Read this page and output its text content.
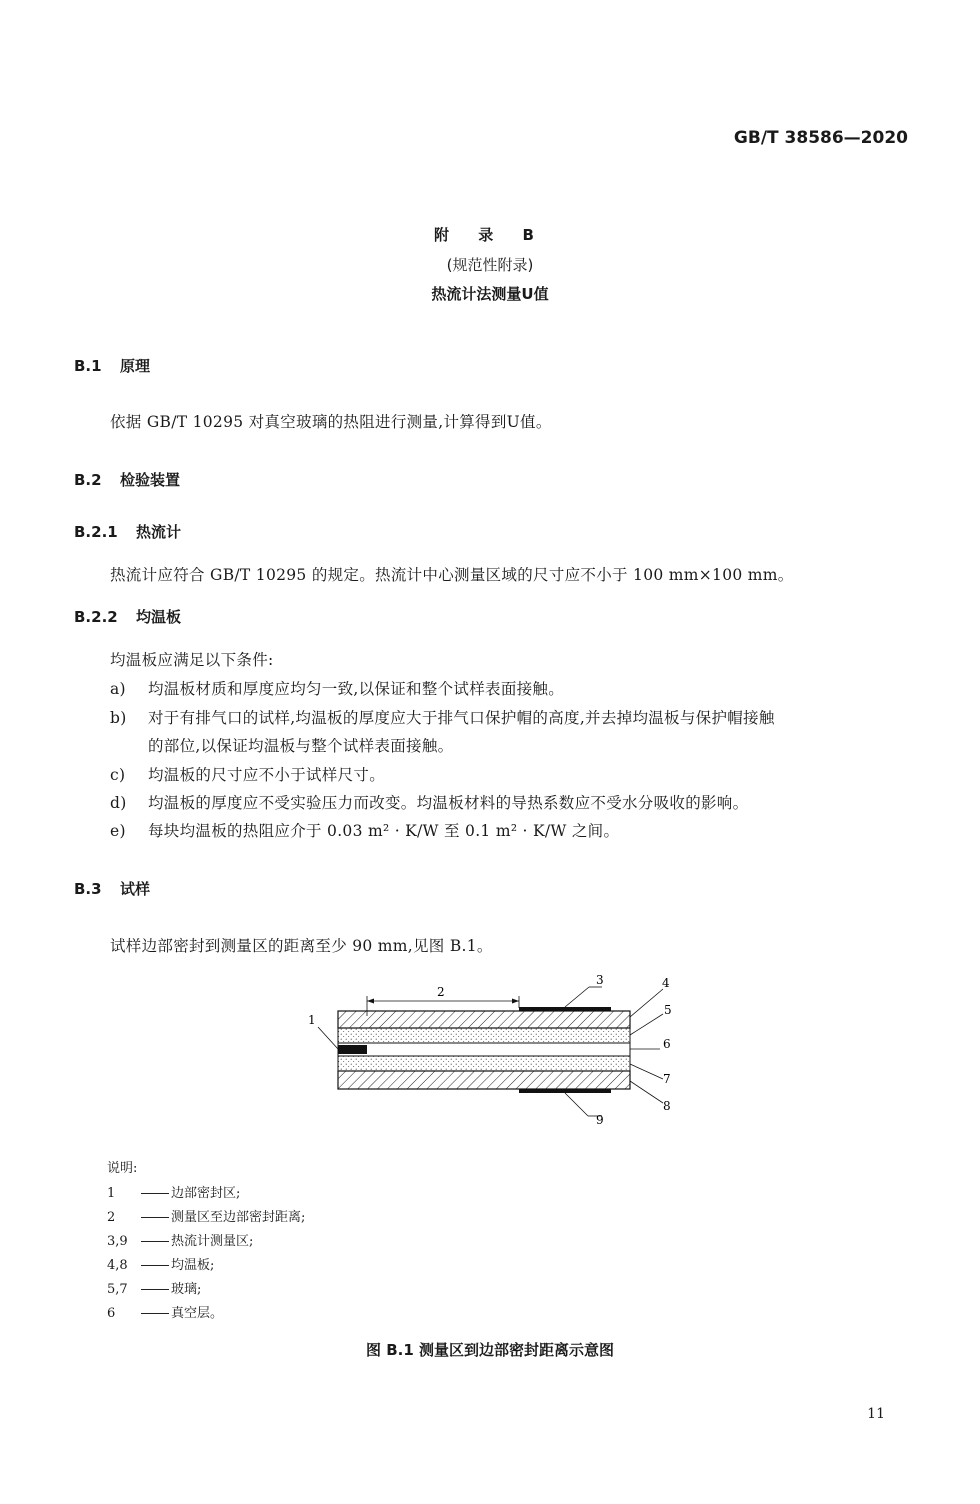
GB/T 38586—2020
附 录 B
(规范性附录)
热流计法测量U值
B.1 原理
依据 GB/T 10295 对真空玻璃的热阻进行测量,计算得到U值。
B.2 检验装置
B.2.1 热流计
热流计应符合 GB/T 10295 的规定。热流计中心测量区域的尺寸应不小于 100 mm×100 mm。
B.2.2 均温板
均温板应满足以下条件:
a) 均温板材质和厚度应均匀一致,以保证和整个试样表面接触。
b) 对于有排气口的试样,均温板的厚度应大于排气口保护帽的高度,并去掉均温板与保护帽接触
的部位,以保证均温板与整个试样表面接触。
c) 均温板的尺寸应不小于试样尺寸。
d) 均温板的厚度应不受实验压力而改变。均温板材料的导热系数应不受水分吸收的影响。
e) 每块均温板的热阻应介于 0.03 m² · K/W 至 0.1 m² · K/W 之间。
B.3 试样
试样边部密封到测量区的距离至少 90 mm,见图 B.1。
1
2
3	4
5
6
7
8
9
说明:
1	边部密封区;
2	测量区至边部密封距离;
3,9	热流计测量区;
4,8	均温板;
5,7	玻璃;
6	真空层。
图 B.1 测量区到边部密封距离示意图
11
